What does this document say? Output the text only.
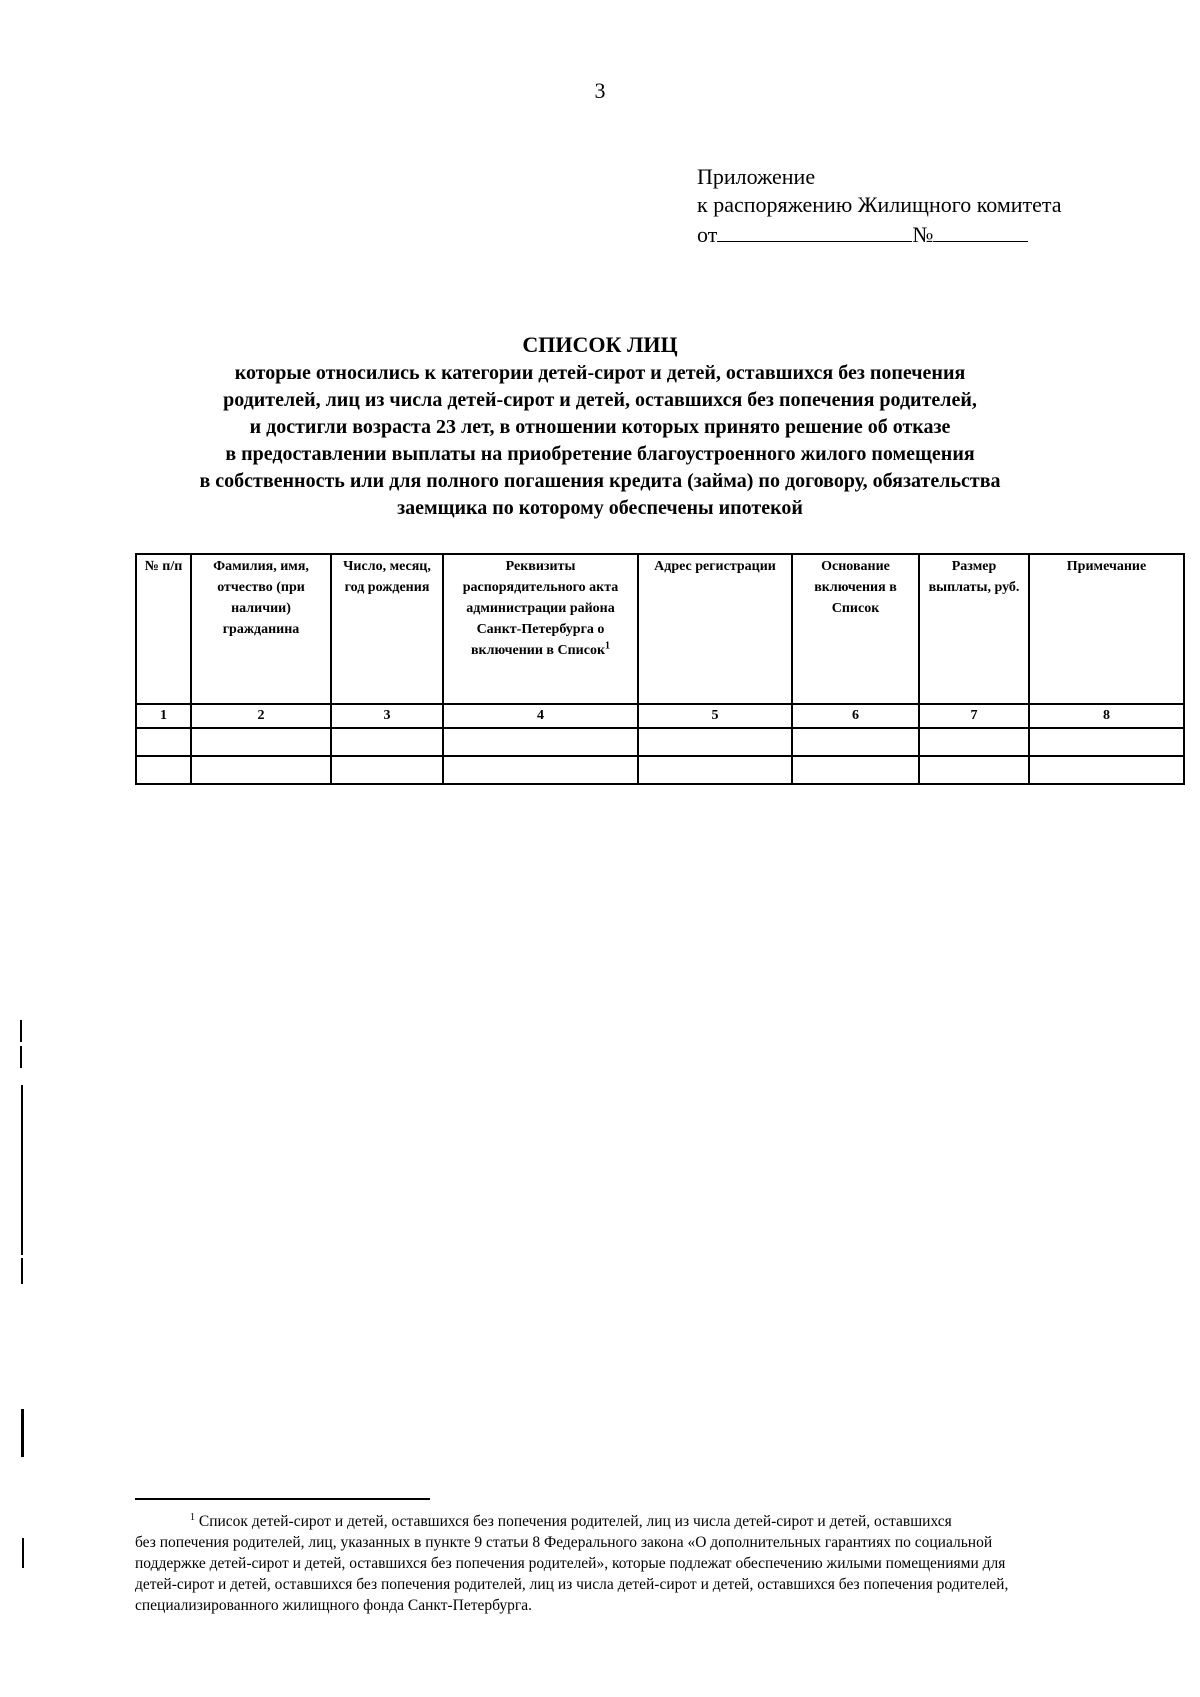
3
Приложение
к распоряжению Жилищного комитета
от	№
СПИСОК ЛИЦ
которые относились к категории детей-сирот и детей, оставшихся без попечения
родителей, лиц из числа детей-сирот и детей, оставшихся без попечения родителей,
и достигли возраста 23 лет, в отношении которых принято решение об отказе
в предоставлении выплаты на приобретение благоустроенного жилого помещения
в собственность или для полного погашения кредита (займа) по договору, обязательства
заемщика по которому обеспечены ипотекой
№ п/п	Фамилия, имя, отчество (при наличии) гражданина	Число, месяц, год рождения	Реквизиты распорядительного акта администрации района Санкт-Петербурга о включении в Список$^1$	Адрес регистрации	Основание включения в Список	Размер выплаты, руб.	Примечание
1	2	3	4	5	6	7	8

$^1$ Список детей-сирот и детей, оставшихся без попечения родителей, лиц из числа детей-сирот и детей, оставшихся
без попечения родителей, лиц, указанных в пункте 9 статьи 8 Федерального закона «О дополнительных гарантиях по социальной
поддержке детей-сирот и детей, оставшихся без попечения родителей», которые подлежат обеспечению жилыми помещениями для
детей-сирот и детей, оставшихся без попечения родителей, лиц из числа детей-сирот и детей, оставшихся без попечения родителей,
специализированного жилищного фонда Санкт-Петербурга.
